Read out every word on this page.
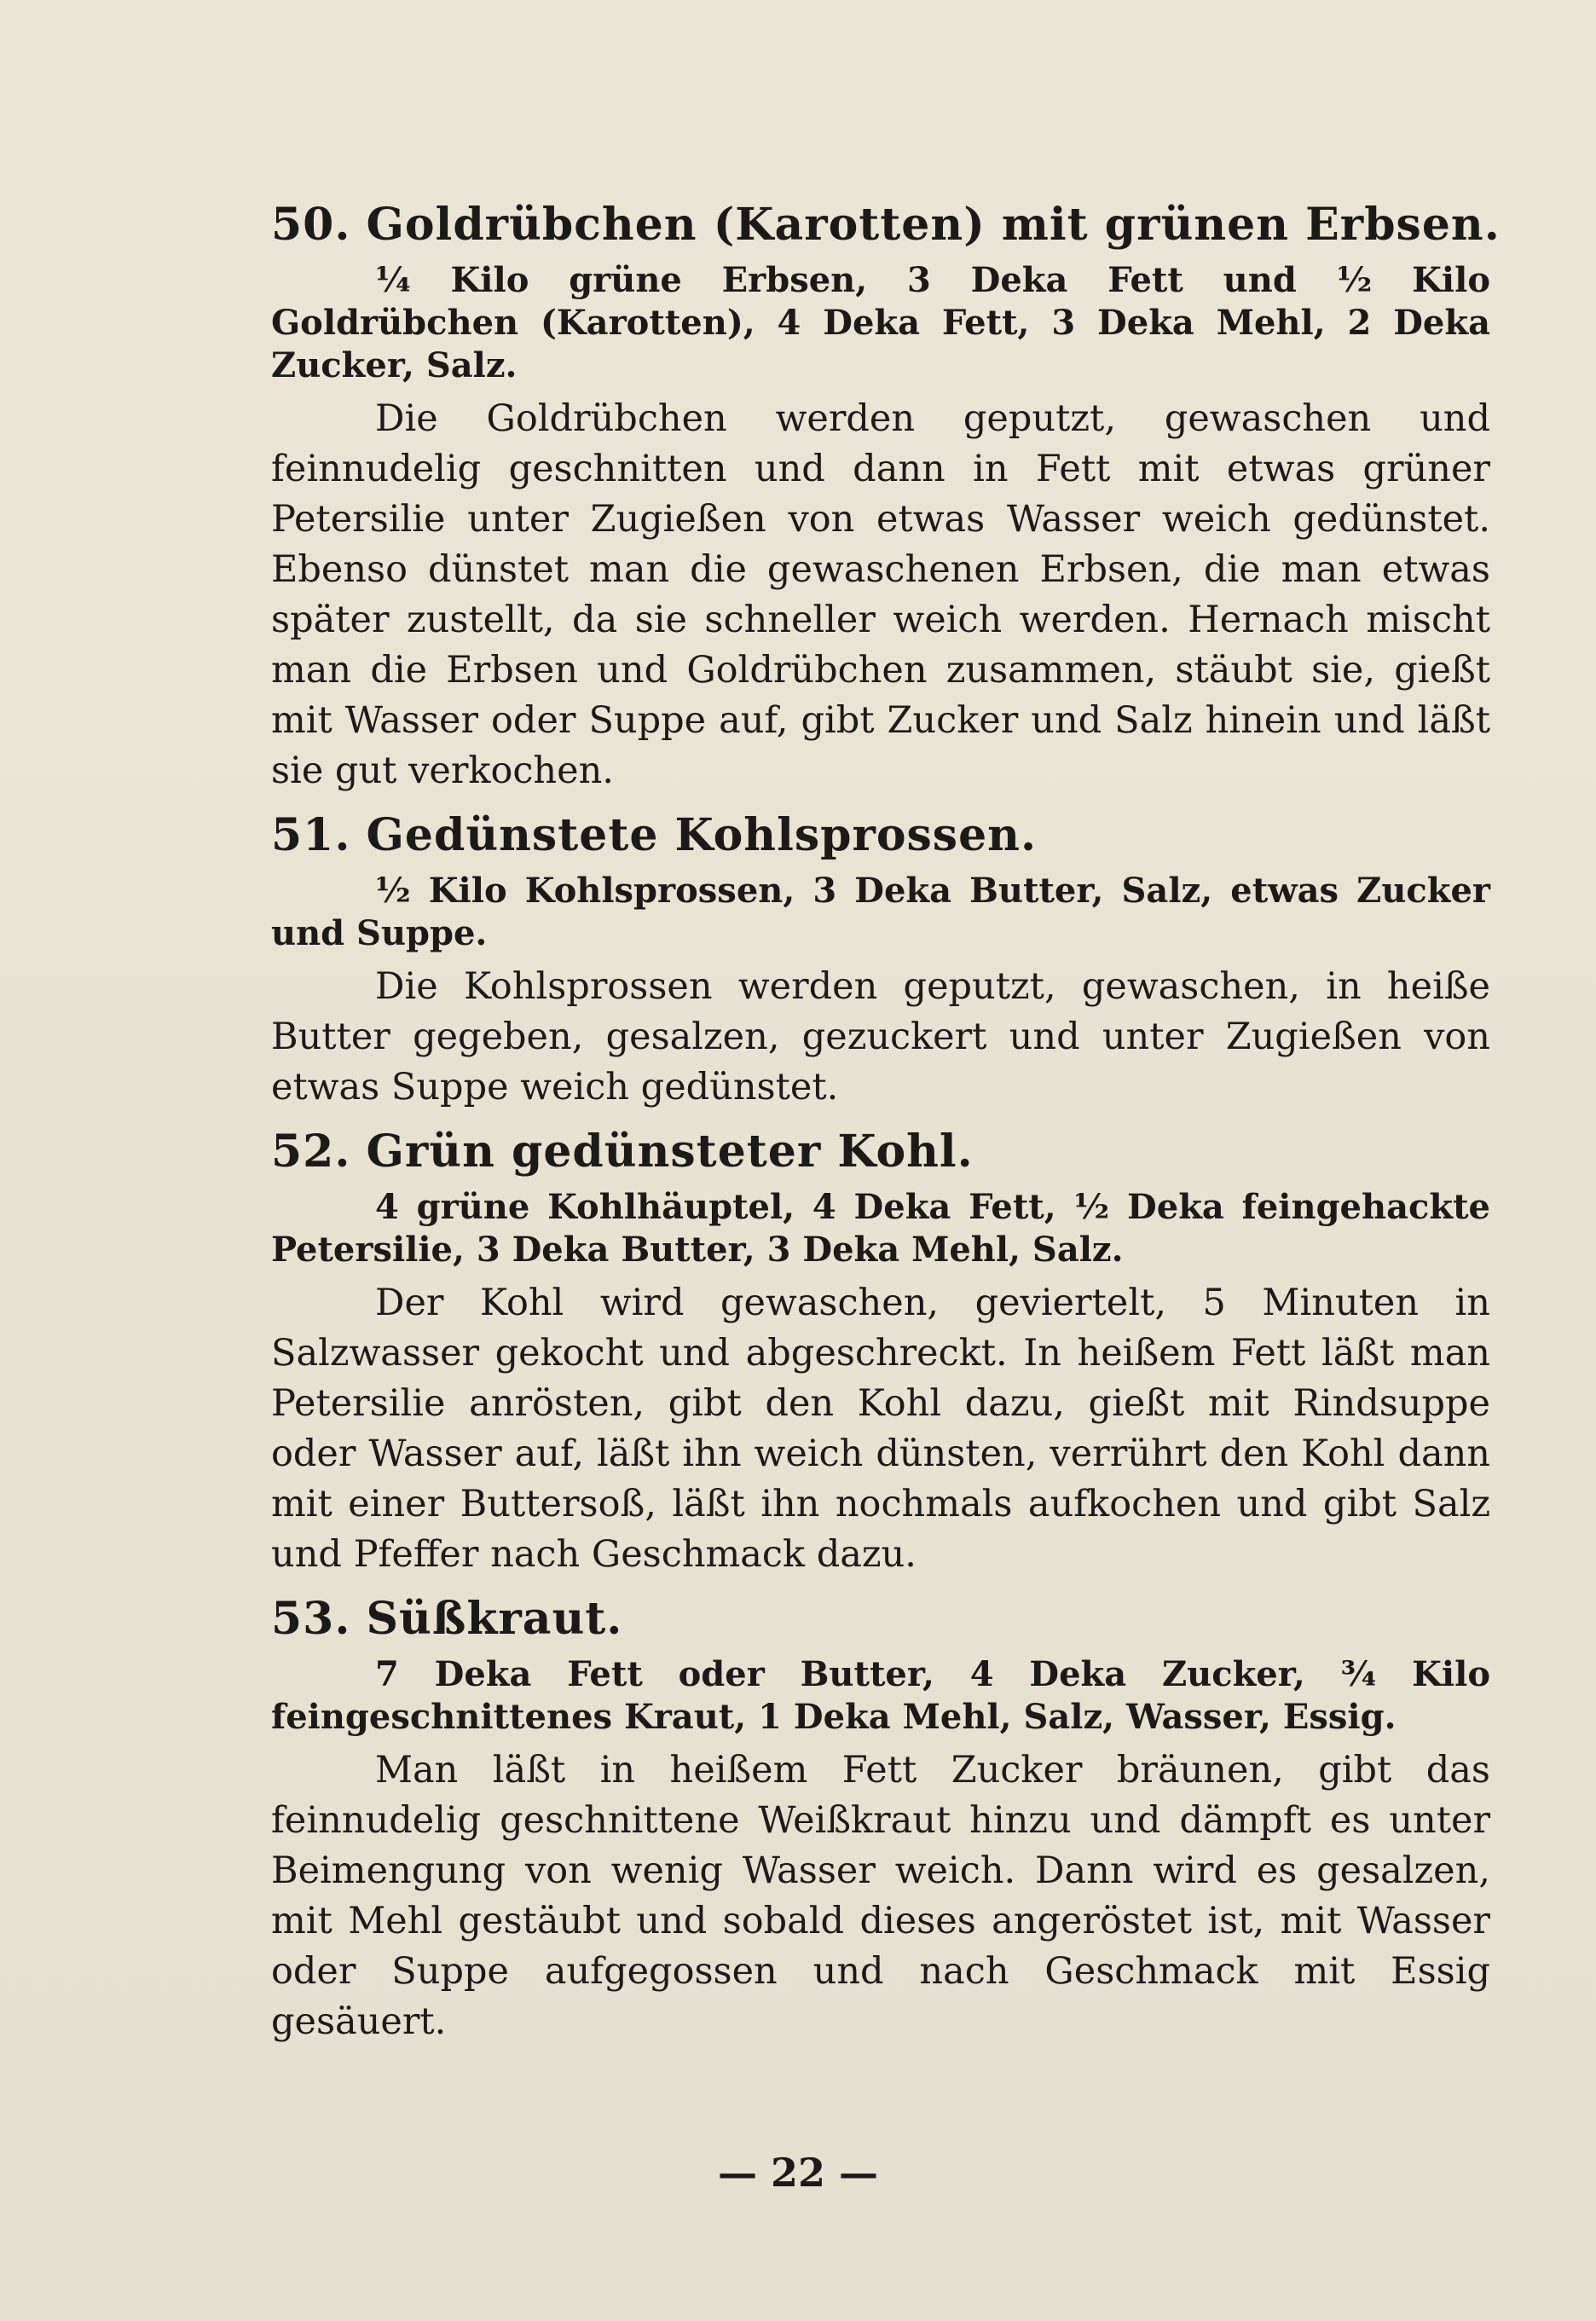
50. Goldrübchen (Karotten) mit grünen Erbsen.

¼ Kilo grüne Erbsen, 3 Deka Fett und ½ Kilo Goldrübchen (Karotten), 4 Deka Fett, 3 Deka Mehl, 2 Deka Zucker, Salz.

Die Goldrübchen werden geputzt, gewaschen und feinnudelig geschnitten und dann in Fett mit etwas grüner Petersilie unter Zugießen von etwas Wasser weich gedünstet. Ebenso dünstet man die gewaschenen Erbsen, die man etwas später zustellt, da sie schneller weich werden. Hernach mischt man die Erbsen und Goldrübchen zusammen, stäubt sie, gießt mit Wasser oder Suppe auf, gibt Zucker und Salz hinein und läßt sie gut verkochen.

51. Gedünstete Kohlsprossen.

½ Kilo Kohlsprossen, 3 Deka Butter, Salz, etwas Zucker und Suppe.

Die Kohlsprossen werden geputzt, gewaschen, in heiße Butter gegeben, gesalzen, gezuckert und unter Zugießen von etwas Suppe weich gedünstet.

52. Grün gedünsteter Kohl.

4 grüne Kohlhäuptel, 4 Deka Fett, ½ Deka feingehackte Petersilie, 3 Deka Butter, 3 Deka Mehl, Salz.

Der Kohl wird gewaschen, geviertelt, 5 Minuten in Salzwasser gekocht und abgeschreckt. In heißem Fett läßt man Petersilie anrösten, gibt den Kohl dazu, gießt mit Rindsuppe oder Wasser auf, läßt ihn weich dünsten, verrührt den Kohl dann mit einer Buttersoß, läßt ihn nochmals aufkochen und gibt Salz und Pfeffer nach Geschmack dazu.

53. Süßkraut.

7 Deka Fett oder Butter, 4 Deka Zucker, ¾ Kilo feingeschnittenes Kraut, 1 Deka Mehl, Salz, Wasser, Essig.

Man läßt in heißem Fett Zucker bräunen, gibt das feinnudelig geschnittene Weißkraut hinzu und dämpft es unter Beimengung von wenig Wasser weich. Dann wird es gesalzen, mit Mehl gestäubt und sobald dieses angeröstet ist, mit Wasser oder Suppe aufgegossen und nach Geschmack mit Essig gesäuert.

— 22 —
